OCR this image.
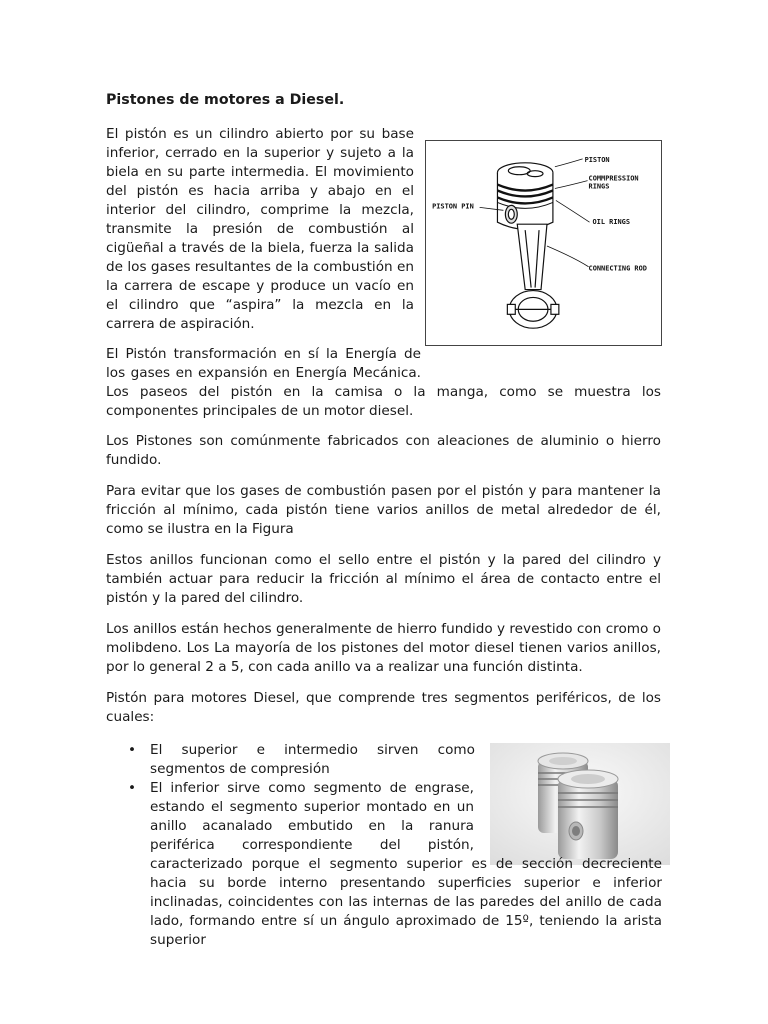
Pistones de motores a Diesel.

El pistón es un cilindro abierto por su base inferior, cerrado en la superior y sujeto a la biela en su parte intermedia. El movimiento del pistón es hacia arriba y abajo en el interior del cilindro, comprime la mezcla, transmite la presión de combustión al cigüeñal a través de la biela, fuerza la salida de los gases resultantes de la combustión en la carrera de escape y produce un vacío en el cilindro que “aspira” la mezcla en la carrera de aspiración.

PISTON
COMMPRESSION
RINGS
PISTON PIN
OIL RINGS
CONNECTING ROD

El Pistón transformación en sí la Energía de los gases en expansión en Energía Mecánica. Los paseos del pistón en la camisa o la manga, como se muestra los componentes principales de un motor diesel.

Los Pistones son comúnmente fabricados con aleaciones de aluminio o hierro fundido.

Para evitar que los gases de combustión pasen por el pistón y para mantener la fricción al mínimo, cada pistón tiene varios anillos de metal alrededor de él, como se ilustra en la Figura

Estos anillos funcionan como el sello entre el pistón y la pared del cilindro y también actuar para reducir la fricción al mínimo el área de contacto entre el pistón y la pared del cilindro.

Los anillos están hechos generalmente de hierro fundido y revestido con cromo o molibdeno. Los La mayoría de los pistones del motor diesel tienen varios anillos, por lo general 2 a 5, con cada anillo va a realizar una función distinta.

Pistón para motores Diesel, que comprende tres segmentos periféricos, de los cuales:

• El superior e intermedio sirven como segmentos de compresión
• El inferior sirve como segmento de engrase, estando el segmento superior montado en un anillo acanalado embutido en la ranura periférica correspondiente del pistón, caracterizado porque el segmento superior es de sección decreciente hacia su borde interno presentando superficies superior e inferior inclinadas, coincidentes con las internas de las paredes del anillo de cada lado, formando entre sí un ángulo aproximado de 15º, teniendo la arista superior
